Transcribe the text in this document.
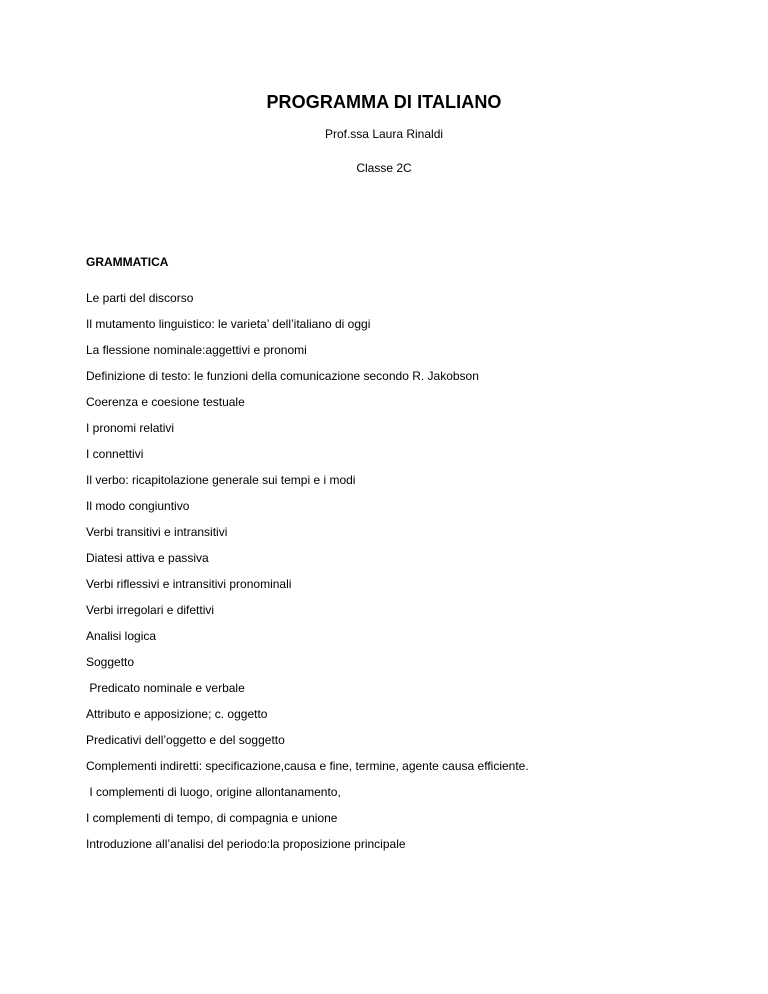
PROGRAMMA DI ITALIANO
Prof.ssa Laura Rinaldi
Classe 2C
GRAMMATICA
Le parti del discorso
Il mutamento linguistico: le varieta’ dell’italiano di oggi
La flessione nominale:aggettivi e pronomi
Definizione di testo: le funzioni della comunicazione secondo R. Jakobson
Coerenza e coesione testuale
I pronomi relativi
I connettivi
Il verbo: ricapitolazione generale sui tempi e i modi
Il modo congiuntivo
Verbi transitivi e intransitivi
Diatesi attiva e passiva
Verbi riflessivi e intransitivi pronominali
Verbi irregolari e difettivi
Analisi logica
Soggetto
Predicato nominale e verbale
Attributo e apposizione; c. oggetto
Predicativi dell’oggetto e del soggetto
Complementi indiretti: specificazione,causa e fine, termine, agente causa efficiente.
I complementi di luogo, origine allontanamento,
I complementi di tempo, di compagnia e unione
Introduzione all’analisi del periodo:la proposizione principale
